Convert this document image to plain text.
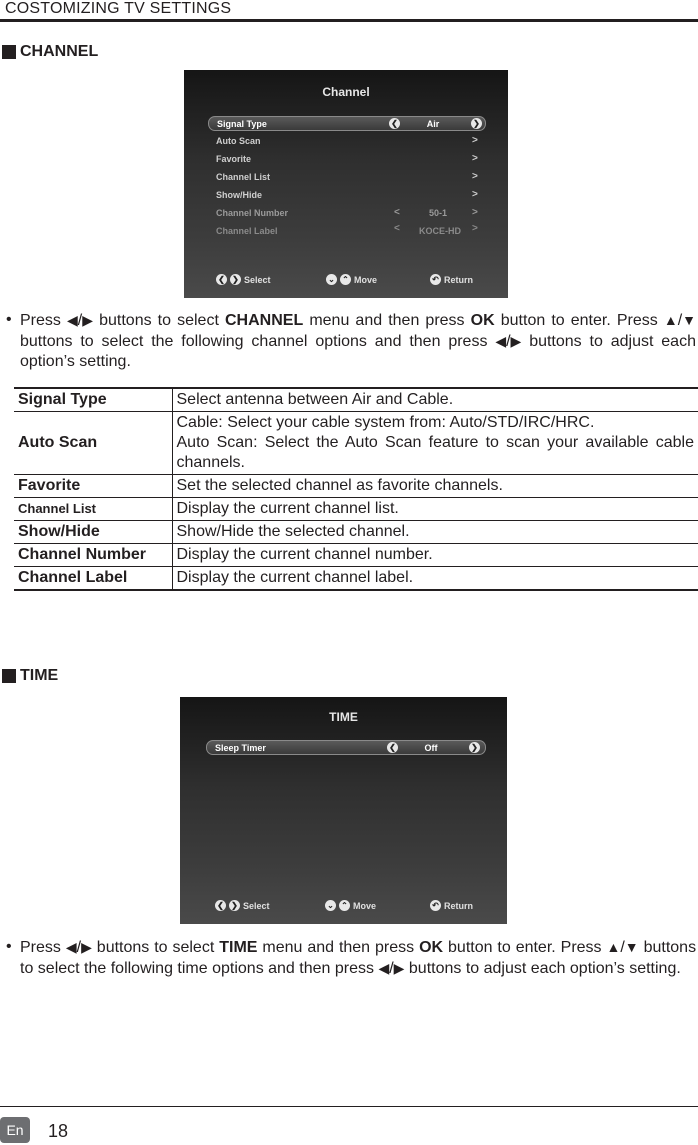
COSTOMIZING TV SETTINGS
CHANNEL
Channel
Signal Type	❮	Air	❯
Auto Scan	>
Favorite	>
Channel List	>
Show/Hide	>
Channel Number	<	50-1	>
Channel Label	<	KOCE-HD	>
❮ ❯ Select	⌄ ⌃ Move	↶ Return
• Press ◀/▶ buttons to select CHANNEL menu and then press OK button to enter. Press ▲/▼ buttons to select the following channel options and then press ◀/▶ buttons to adjust each option’s setting.
Signal Type	Select antenna between Air and Cable.
Auto Scan	Cable: Select your cable system from: Auto/STD/IRC/HRC.
Auto Scan: Select the Auto Scan feature to scan your available cable channels.

Favorite	Set the selected channel as favorite channels.
Channel List	Display the current channel list.
Show/Hide	Show/Hide the selected channel.
Channel Number	Display the current channel number.
Channel Label	Display the current channel label.
TIME
TIME
Sleep Timer	❮	Off	❯
❮ ❯ Select	⌄ ⌃ Move	↶ Return
• Press ◀/▶ buttons to select TIME menu and then press OK button to enter. Press ▲/▼ buttons to select the following time options and then press ◀/▶ buttons to adjust each option’s setting.
En	18
